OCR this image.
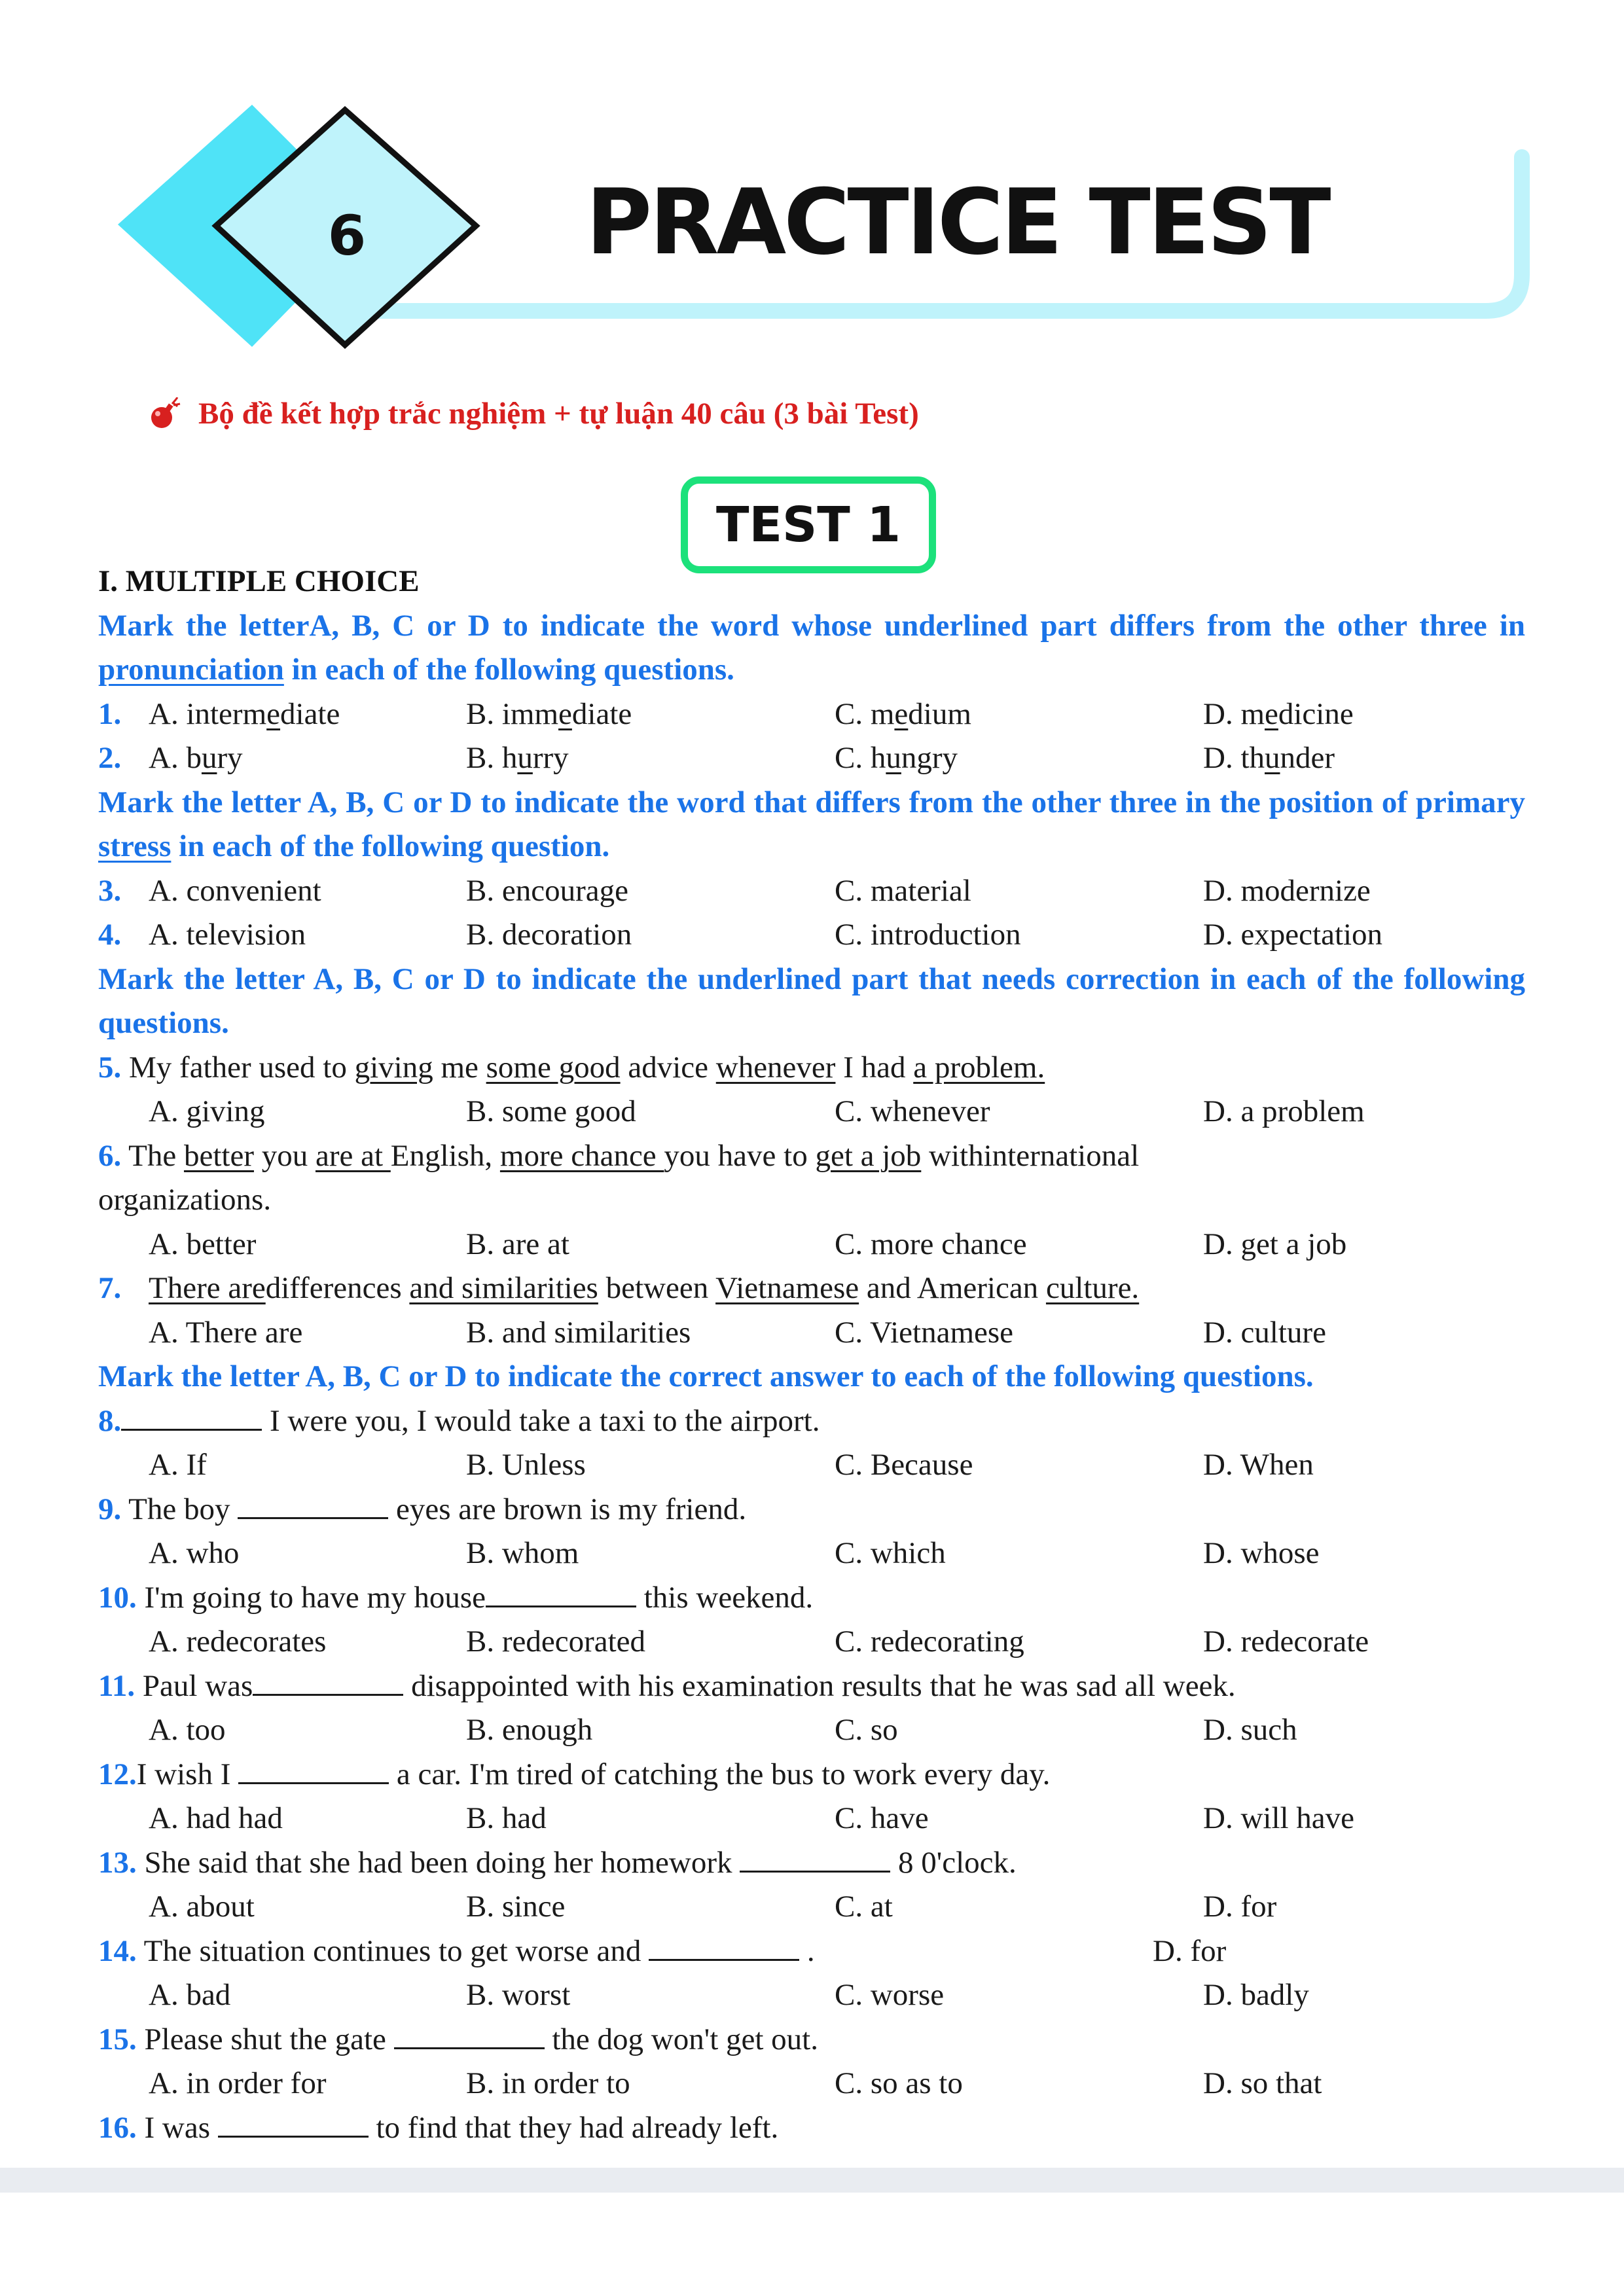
6	PRACTICE TEST
Bộ đề kết hợp trắc nghiệm + tự luận 40 câu (3 bài Test)
TEST 1
I. MULTIPLE CHOICE
Mark the letterA, B, C or D to indicate the word whose underlined part differs from the other three in pronunciation in each of the following questions.
1. A. intermediate	B. immediate	C. medium	D. medicine
2. A. bury	B. hurry	C. hungry	D. thunder
Mark the letter A, B, C or D to indicate the word that differs from the other three in the position of primary stress in each of the following question.
3. A. convenient	B. encourage	C. material	D. modernize
4. A. television	B. decoration	C. introduction	D. expectation
Mark the letter A, B, C or D to indicate the underlined part that needs correction in each of the following questions.
5. My father used to giving me some good advice whenever I had a problem.
A. giving	B. some good	C. whenever	D. a problem
6. The better you are at English, more chance you have to get a job withinternational
organizations.
A. better	B. are at	C. more chance	D. get a job
7. There aredifferences and similarities between Vietnamese and American culture.
A. There are	B. and similarities	C. Vietnamese	D. culture
Mark the letter A, B, C or D to indicate the correct answer to each of the following questions.
8.	I were you, I would take a taxi to the airport.
A. If	B. Unless	C. Because	D. When
9. The boy	eyes are brown is my friend.
A. who	B. whom	C. which	D. whose
10. I'm going to have my house	this weekend.
A. redecorates	B. redecorated	C. redecorating	D. redecorate
11. Paul was	disappointed with his examination results that he was sad all week.
A. too	B. enough	C. so	D. such
12.I wish I	a car. I'm tired of catching the bus to work every day.
A. had had	B. had	C. have	D. will have
13. She said that she had been doing her homework	8 0'clock.
A. about	B. since	C. at	D. for
14. The situation continues to get worse and	.	D. for
A. bad	B. worst	C. worse	D. badly
15. Please shut the gate	the dog won't get out.
A. in order for	B. in order to	C. so as to	D. so that
16. I was	to find that they had already left.
